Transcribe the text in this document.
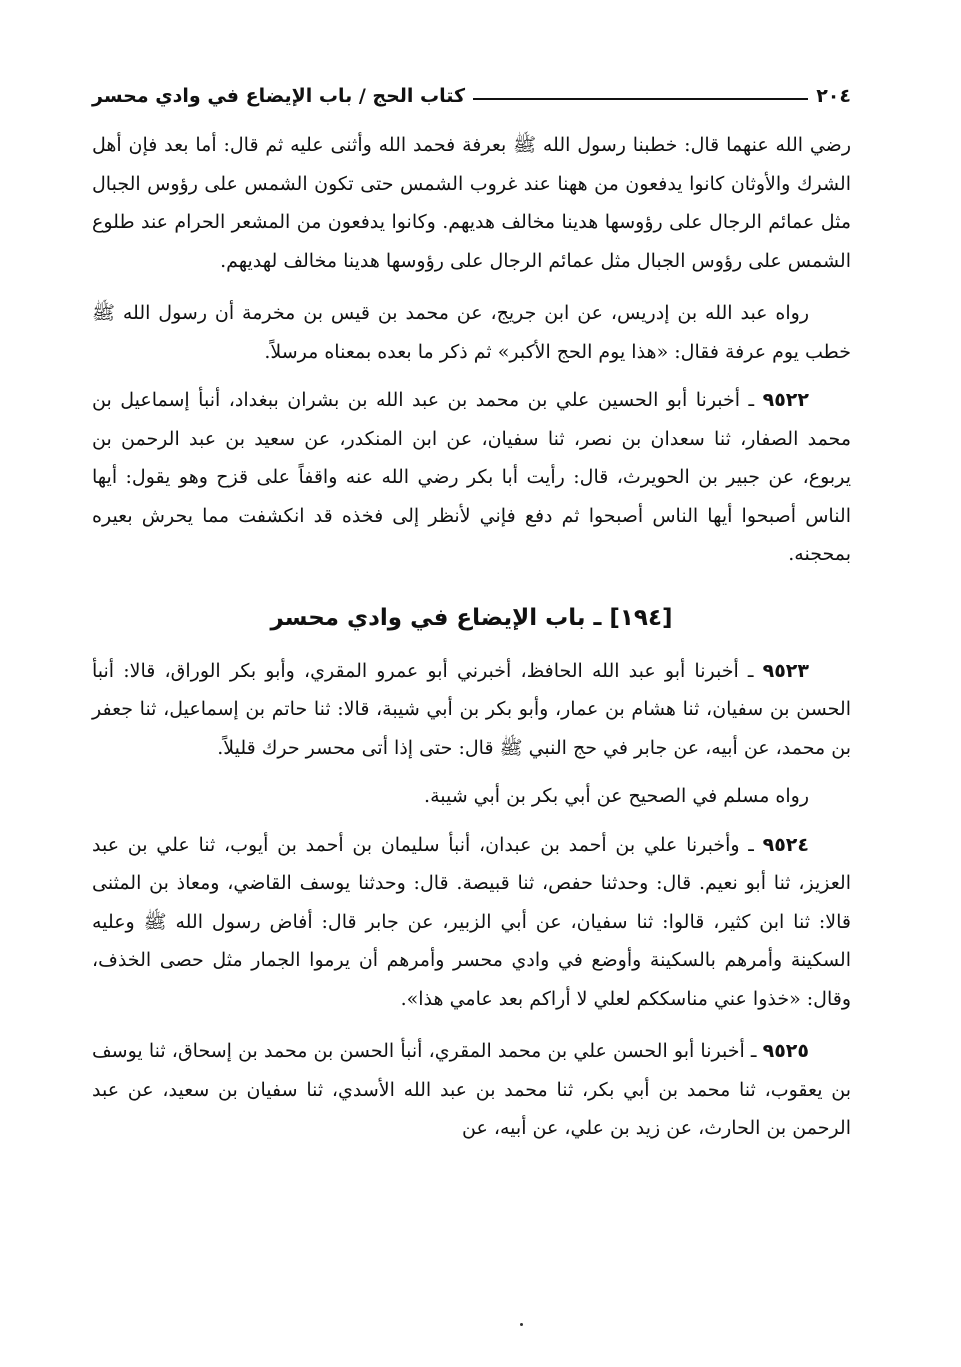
٢٠٤
كتاب الحج / باب الإيضاع في وادي محسر

رضي الله عنهما قال: خطبنا رسول الله ﷺ بعرفة فحمد الله وأثنى عليه ثم قال: أما بعد فإن أهل الشرك والأوثان كانوا يدفعون من ههنا عند غروب الشمس حتى تكون الشمس على رؤوس الجبال مثل عمائم الرجال على رؤوسها هدينا مخالف هديهم. وكانوا يدفعون من المشعر الحرام عند طلوع الشمس على رؤوس الجبال مثل عمائم الرجال على رؤوسها هدينا مخالف لهديهم.

رواه عبد الله بن إدريس، عن ابن جريج، عن محمد بن قيس بن مخرمة أن رسول الله ﷺ خطب يوم عرفة فقال: «هذا يوم الحج الأكبر» ثم ذكر ما بعده بمعناه مرسلاً.

٩٥٢٢ ـ أخبرنا أبو الحسين علي بن محمد بن عبد الله بن بشران ببغداد، أنبأ إسماعيل بن محمد الصفار، ثنا سعدان بن نصر، ثنا سفيان، عن ابن المنكدر، عن سعيد بن عبد الرحمن بن يربوع، عن جبير بن الحويرث، قال: رأيت أبا بكر رضي الله عنه واقفاً على قزح وهو يقول: أيها الناس أصبحوا أيها الناس أصبحوا ثم دفع فإني لأنظر إلى فخذه قد انكشفت مما يحرش بعيره بمحجنه.

[١٩٤] ـ باب الإيضاع في وادي محسر

٩٥٢٣ ـ أخبرنا أبو عبد الله الحافظ، أخبرني أبو عمرو المقري، وأبو بكر الوراق، قالا: أنبأ الحسن بن سفيان، ثنا هشام بن عمار، وأبو بكر بن أبي شيبة، قالا: ثنا حاتم بن إسماعيل، ثنا جعفر بن محمد، عن أبيه، عن جابر في حج النبي ﷺ قال: حتى إذا أتى محسر حرك قليلاً.

رواه مسلم في الصحيح عن أبي بكر بن أبي شيبة.

٩٥٢٤ ـ وأخبرنا علي بن أحمد بن عبدان، أنبأ سليمان بن أحمد بن أيوب، ثنا علي بن عبد العزيز، ثنا أبو نعيم. قال: وحدثنا حفص، ثنا قبيصة. قال: وحدثنا يوسف القاضي، ومعاذ بن المثنى قالا: ثنا ابن كثير، قالوا: ثنا سفيان، عن أبي الزبير، عن جابر قال: أفاض رسول الله ﷺ وعليه السكينة وأمرهم بالسكينة وأوضع في وادي محسر وأمرهم أن يرموا الجمار مثل حصى الخذف، وقال: «خذوا عني مناسككم لعلي لا أراكم بعد عامي هذا».

٩٥٢٥ ـ أخبرنا أبو الحسن علي بن محمد المقري، أنبأ الحسن بن محمد بن إسحاق، ثنا يوسف بن يعقوب، ثنا محمد بن أبي بكر، ثنا محمد بن عبد الله الأسدي، ثنا سفيان بن سعيد، عن عبد الرحمن بن الحارث، عن زيد بن علي، عن أبيه، عن
